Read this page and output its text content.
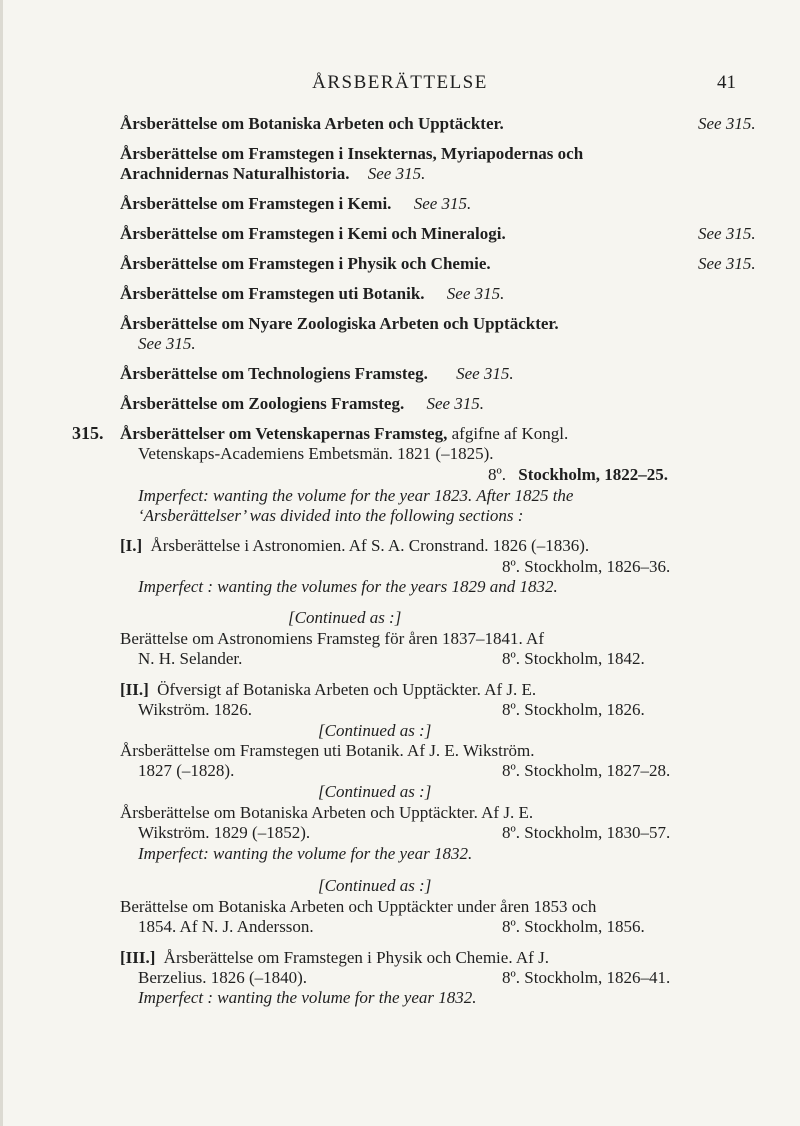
ÅRSBERÄTTELSE	41
Årsberättelse om Botaniska Arbeten och Upptäckter.	See 315.
Årsberättelse om Framstegen i Insekternas, Myriapodernas och
Arachnidernas Naturalhistoria. See 315.
Årsberättelse om Framstegen i Kemi. See 315.
Årsberättelse om Framstegen i Kemi och Mineralogi.	See 315.
Årsberättelse om Framstegen i Physik och Chemie.	See 315.
Årsberättelse om Framstegen uti Botanik. See 315.
Årsberättelse om Nyare Zoologiska Arbeten och Upptäckter.
See 315.
Årsberättelse om Technologiens Framsteg. See 315.
Årsberättelse om Zoologiens Framsteg. See 315.
315. Årsberättelser om Vetenskapernas Framsteg, afgifne af Kongl.
Vetenskaps-Academiens Embetsmän. 1821 (–1825).
8º. Stockholm, 1822–25.
Imperfect: wanting the volume for the year 1823. After 1825 the
‘Arsberättelser’ was divided into the following sections :
[I.] Årsberättelse i Astronomien. Af S. A. Cronstrand. 1826 (–1836).
8º. Stockholm, 1826–36.
Imperfect : wanting the volumes for the years 1829 and 1832.
[Continued as :]
Berättelse om Astronomiens Framsteg för åren 1837–1841. Af
N. H. Selander.	8º. Stockholm, 1842.
[II.] Öfversigt af Botaniska Arbeten och Upptäckter. Af J. E.
Wikström. 1826.	8º. Stockholm, 1826.
[Continued as :]
Årsberättelse om Framstegen uti Botanik. Af J. E. Wikström.
1827 (–1828).	8º. Stockholm, 1827–28.
[Continued as :]
Årsberättelse om Botaniska Arbeten och Upptäckter. Af J. E.
Wikström. 1829 (–1852).	8º. Stockholm, 1830–57.
Imperfect: wanting the volume for the year 1832.
[Continued as :]
Berättelse om Botaniska Arbeten och Upptäckter under åren 1853 och
1854. Af N. J. Andersson.	8º. Stockholm, 1856.
[III.] Årsberättelse om Framstegen i Physik och Chemie. Af J.
Berzelius. 1826 (–1840).	8º. Stockholm, 1826–41.
Imperfect : wanting the volume for the year 1832.
